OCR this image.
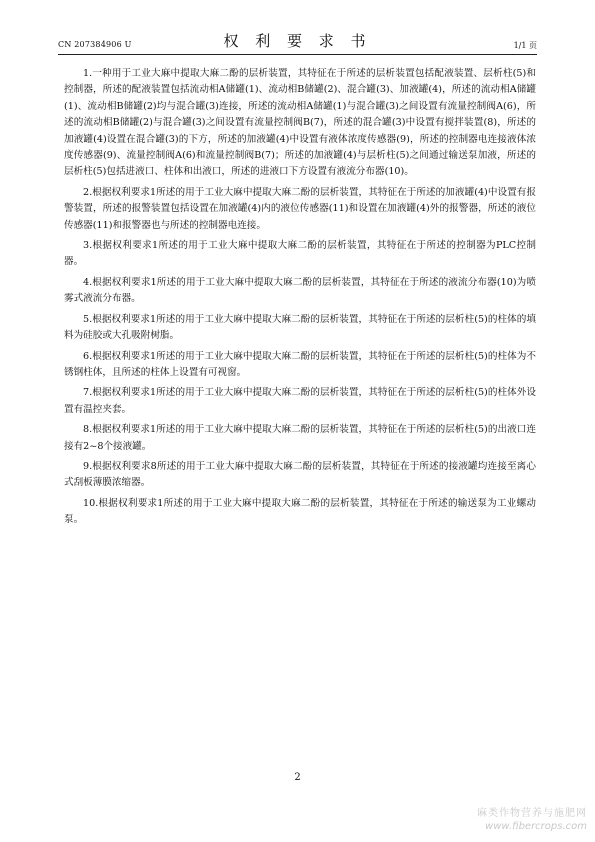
CN 207384906 U	权 利 要 求 书	1/1 页

1.一种用于工业大麻中提取大麻二酚的层析装置，其特征在于所述的层析装置包括配液装置、层析柱(5)和控制器，所述的配液装置包括流动相A储罐(1)、流动相B储罐(2)、混合罐(3)、加液罐(4)，所述的流动相A储罐(1)、流动相B储罐(2)均与混合罐(3)连接，所述的流动相A储罐(1)与混合罐(3)之间设置有流量控制阀A(6)，所述的流动相B储罐(2)与混合罐(3)之间设置有流量控制阀B(7)，所述的混合罐(3)中设置有搅拌装置(8)，所述的加液罐(4)设置在混合罐(3)的下方，所述的加液罐(4)中设置有液体浓度传感器(9)，所述的控制器电连接液体浓度传感器(9)、流量控制阀A(6)和流量控制阀B(7)；所述的加液罐(4)与层析柱(5)之间通过输送泵加液，所述的层析柱(5)包括进液口、柱体和出液口，所述的进液口下方设置有液流分布器(10)。

2.根据权利要求1所述的用于工业大麻中提取大麻二酚的层析装置，其特征在于所述的加液罐(4)中设置有报警装置，所述的报警装置包括设置在加液罐(4)内的液位传感器(11)和设置在加液罐(4)外的报警器，所述的液位传感器(11)和报警器也与所述的控制器电连接。

3.根据权利要求1所述的用于工业大麻中提取大麻二酚的层析装置，其特征在于所述的控制器为PLC控制器。

4.根据权利要求1所述的用于工业大麻中提取大麻二酚的层析装置，其特征在于所述的液流分布器(10)为喷雾式液流分布器。

5.根据权利要求1所述的用于工业大麻中提取大麻二酚的层析装置，其特征在于所述的层析柱(5)的柱体的填料为硅胶或大孔吸附树脂。

6.根据权利要求1所述的用于工业大麻中提取大麻二酚的层析装置，其特征在于所述的层析柱(5)的柱体为不锈钢柱体，且所述的柱体上设置有可视窗。

7.根据权利要求1所述的用于工业大麻中提取大麻二酚的层析装置，其特征在于所述的层析柱(5)的柱体外设置有温控夹套。

8.根据权利要求1所述的用于工业大麻中提取大麻二酚的层析装置，其特征在于所述的层析柱(5)的出液口连接有2~8个接液罐。

9.根据权利要求8所述的用于工业大麻中提取大麻二酚的层析装置，其特征在于所述的接液罐均连接至离心式刮板薄膜浓缩器。

10.根据权利要求1所述的用于工业大麻中提取大麻二酚的层析装置，其特征在于所述的输送泵为工业螺动泵。

2
麻类作物营养与施肥网
www.fibercrops.com
